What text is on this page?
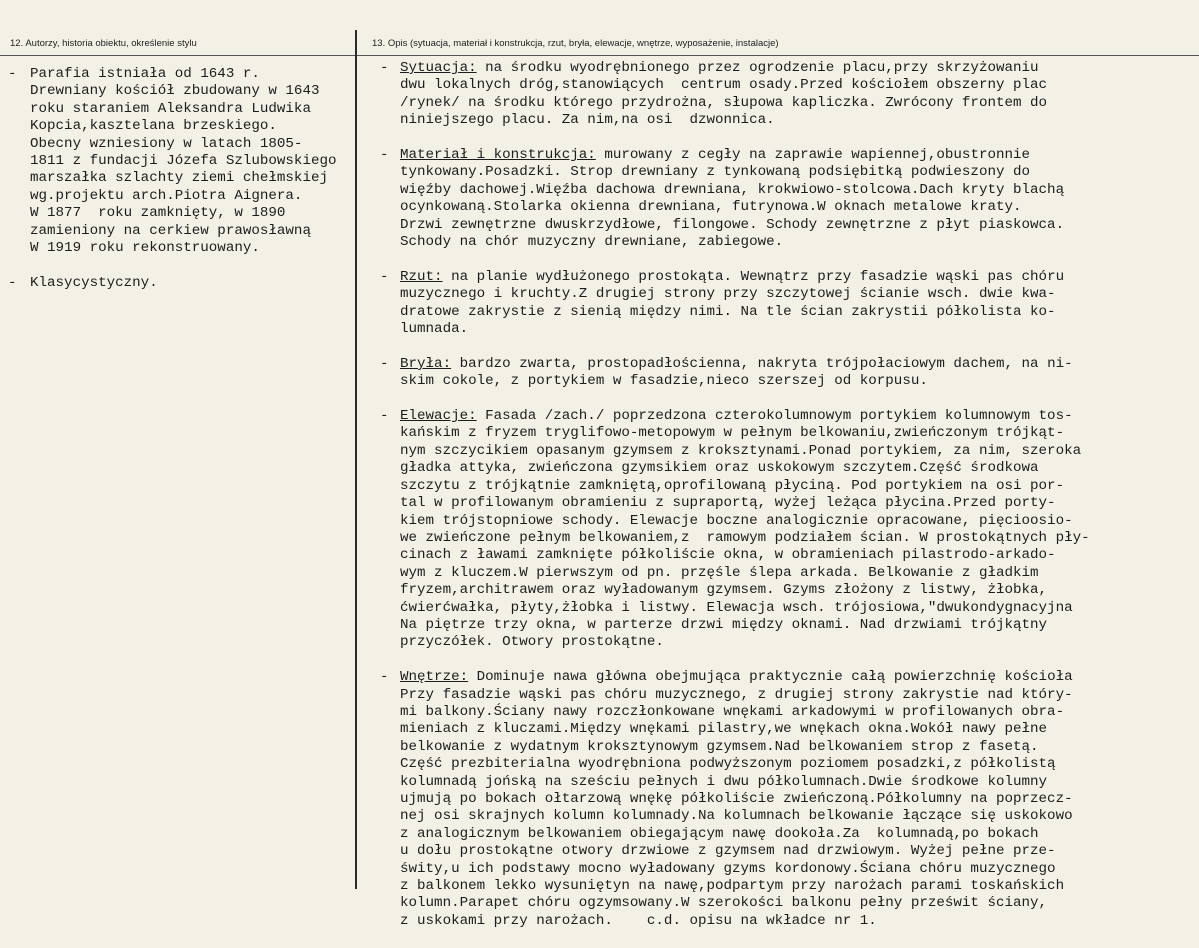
12. Autorzy, historia obiektu, określenie stylu	13. Opis (sytuacja, materiał i konstrukcja, rzut, bryła, elewacje, wnętrze, wyposażenie, instalacje)
- Parafia istniała od 1643 r.
Drewniany kościół zbudowany w 1643
roku staraniem Aleksandra Ludwika
Kopcia,kasztelana brzeskiego.
Obecny wzniesiony w latach 1805-
1811 z fundacji Józefa Szlubowskiego
marszałka szlachty ziemi chełmskiej
wg.projektu arch.Piotra Aignera.
W 1877  roku zamknięty, w 1890
zamieniony na cerkiew prawosławną
W 1919 roku rekonstruowany.
- Klasycystyczny.
- Sytuacja: na środku wyodrębnionego przez ogrodzenie placu,przy skrzyżowaniu
dwu lokalnych dróg,stanowiących  centrum osady.Przed kościołem obszerny plac
/rynek/ na środku którego przydrożna, słupowa kapliczka. Zwrócony frontem do
niniejszego placu. Za nim,na osi  dzwonnica.
- Materiał i konstrukcja: murowany z cegły na zaprawie wapiennej,obustronnie
tynkowany.Posadzki. Strop drewniany z tynkowaną podsiębitką podwieszony do
więźby dachowej.Więźba dachowa drewniana, krokwiowo-stolcowa.Dach kryty blachą
ocynkowaną.Stolarka okienna drewniana, futrynowa.W oknach metalowe kraty.
Drzwi zewnętrzne dwuskrzydłowe, filongowe. Schody zewnętrzne z płyt piaskowca.
Schody na chór muzyczny drewniane, zabiegowe.
- Rzut: na planie wydłużonego prostokąta. Wewnątrz przy fasadzie wąski pas chóru
muzycznego i kruchty.Z drugiej strony przy szczytowej ścianie wsch. dwie kwa-
dratowe zakrystie z sienią między nimi. Na tle ścian zakrystii półkolista ko-
lumnada.
- Bryła: bardzo zwarta, prostopadłościenna, nakryta trójpołaciowym dachem, na ni-
skim cokole, z portykiem w fasadzie,nieco szerszej od korpusu.
- Elewacje: Fasada /zach./ poprzedzona czterokolumnowym portykiem kolumnowym tos-
kańskim z fryzem tryglifowo-metopowym w pełnym belkowaniu,zwieńczonym trójkąt-
nym szczycikiem opasanym gzymsem z kroksztynami.Ponad portykiem, za nim, szeroka
gładka attyka, zwieńczona gzymsikiem oraz uskokowym szczytem.Część środkowa
szczytu z trójkątnie zamkniętą,oprofilowaną płyciną. Pod portykiem na osi por-
tal w profilowanym obramieniu z supraportą, wyżej leżąca płycina.Przed porty-
kiem trójstopniowe schody. Elewacje boczne analogicznie opracowane, pięcioosio-
we zwieńczone pełnym belkowaniem,z  ramowym podziałem ścian. W prostokątnych pły-
cinach z ławami zamknięte półkoliście okna, w obramieniach pilastrodo-arkado-
wym z kluczem.W pierwszym od pn. przęśle ślepa arkada. Belkowanie z gładkim
fryzem,architrawem oraz wyładowanym gzymsem. Gzyms złożony z listwy, żłobka,
ćwierćwałka, płyty,żłobka i listwy. Elewacja wsch. trójosiowa,"dwukondygnacyjna
Na piętrze trzy okna, w parterze drzwi między oknami. Nad drzwiami trójkątny
przyczółek. Otwory prostokątne.
- Wnętrze: Dominuje nawa główna obejmująca praktycznie całą powierzchnię kościoła
Przy fasadzie wąski pas chóru muzycznego, z drugiej strony zakrystie nad który-
mi balkony.Ściany nawy rozczłonkowane wnękami arkadowymi w profilowanych obra-
mieniach z kluczami.Między wnękami pilastry,we wnękach okna.Wokół nawy pełne
belkowanie z wydatnym kroksztynowym gzymsem.Nad belkowaniem strop z fasetą.
Część prezbiterialna wyodrębniona podwyższonym poziomem posadzki,z półkolistą
kolumnadą jońską na sześciu pełnych i dwu półkolumnach.Dwie środkowe kolumny
ujmują po bokach ołtarzową wnękę półkoliście zwieńczoną.Półkolumny na poprzecz-
nej osi skrajnych kolumn kolumnady.Na kolumnach belkowanie łączące się uskokowo
z analogicznym belkowaniem obiegającym nawę dookoła.Za  kolumnadą,po bokach
u dołu prostokątne otwory drzwiowe z gzymsem nad drzwiowym. Wyżej pełne prze-
świty,u ich podstawy mocno wyładowany gzyms kordonowy.Ściana chóru muzycznego
z balkonem lekko wysuniętyn na nawę,podpartym przy narożach parami toskańskich
kolumn.Parapet chóru ogzymsowany.W szerokości balkonu pełny prześwit ściany,
z uskokami przy narożach.    c.d. opisu na wkładce nr 1.
